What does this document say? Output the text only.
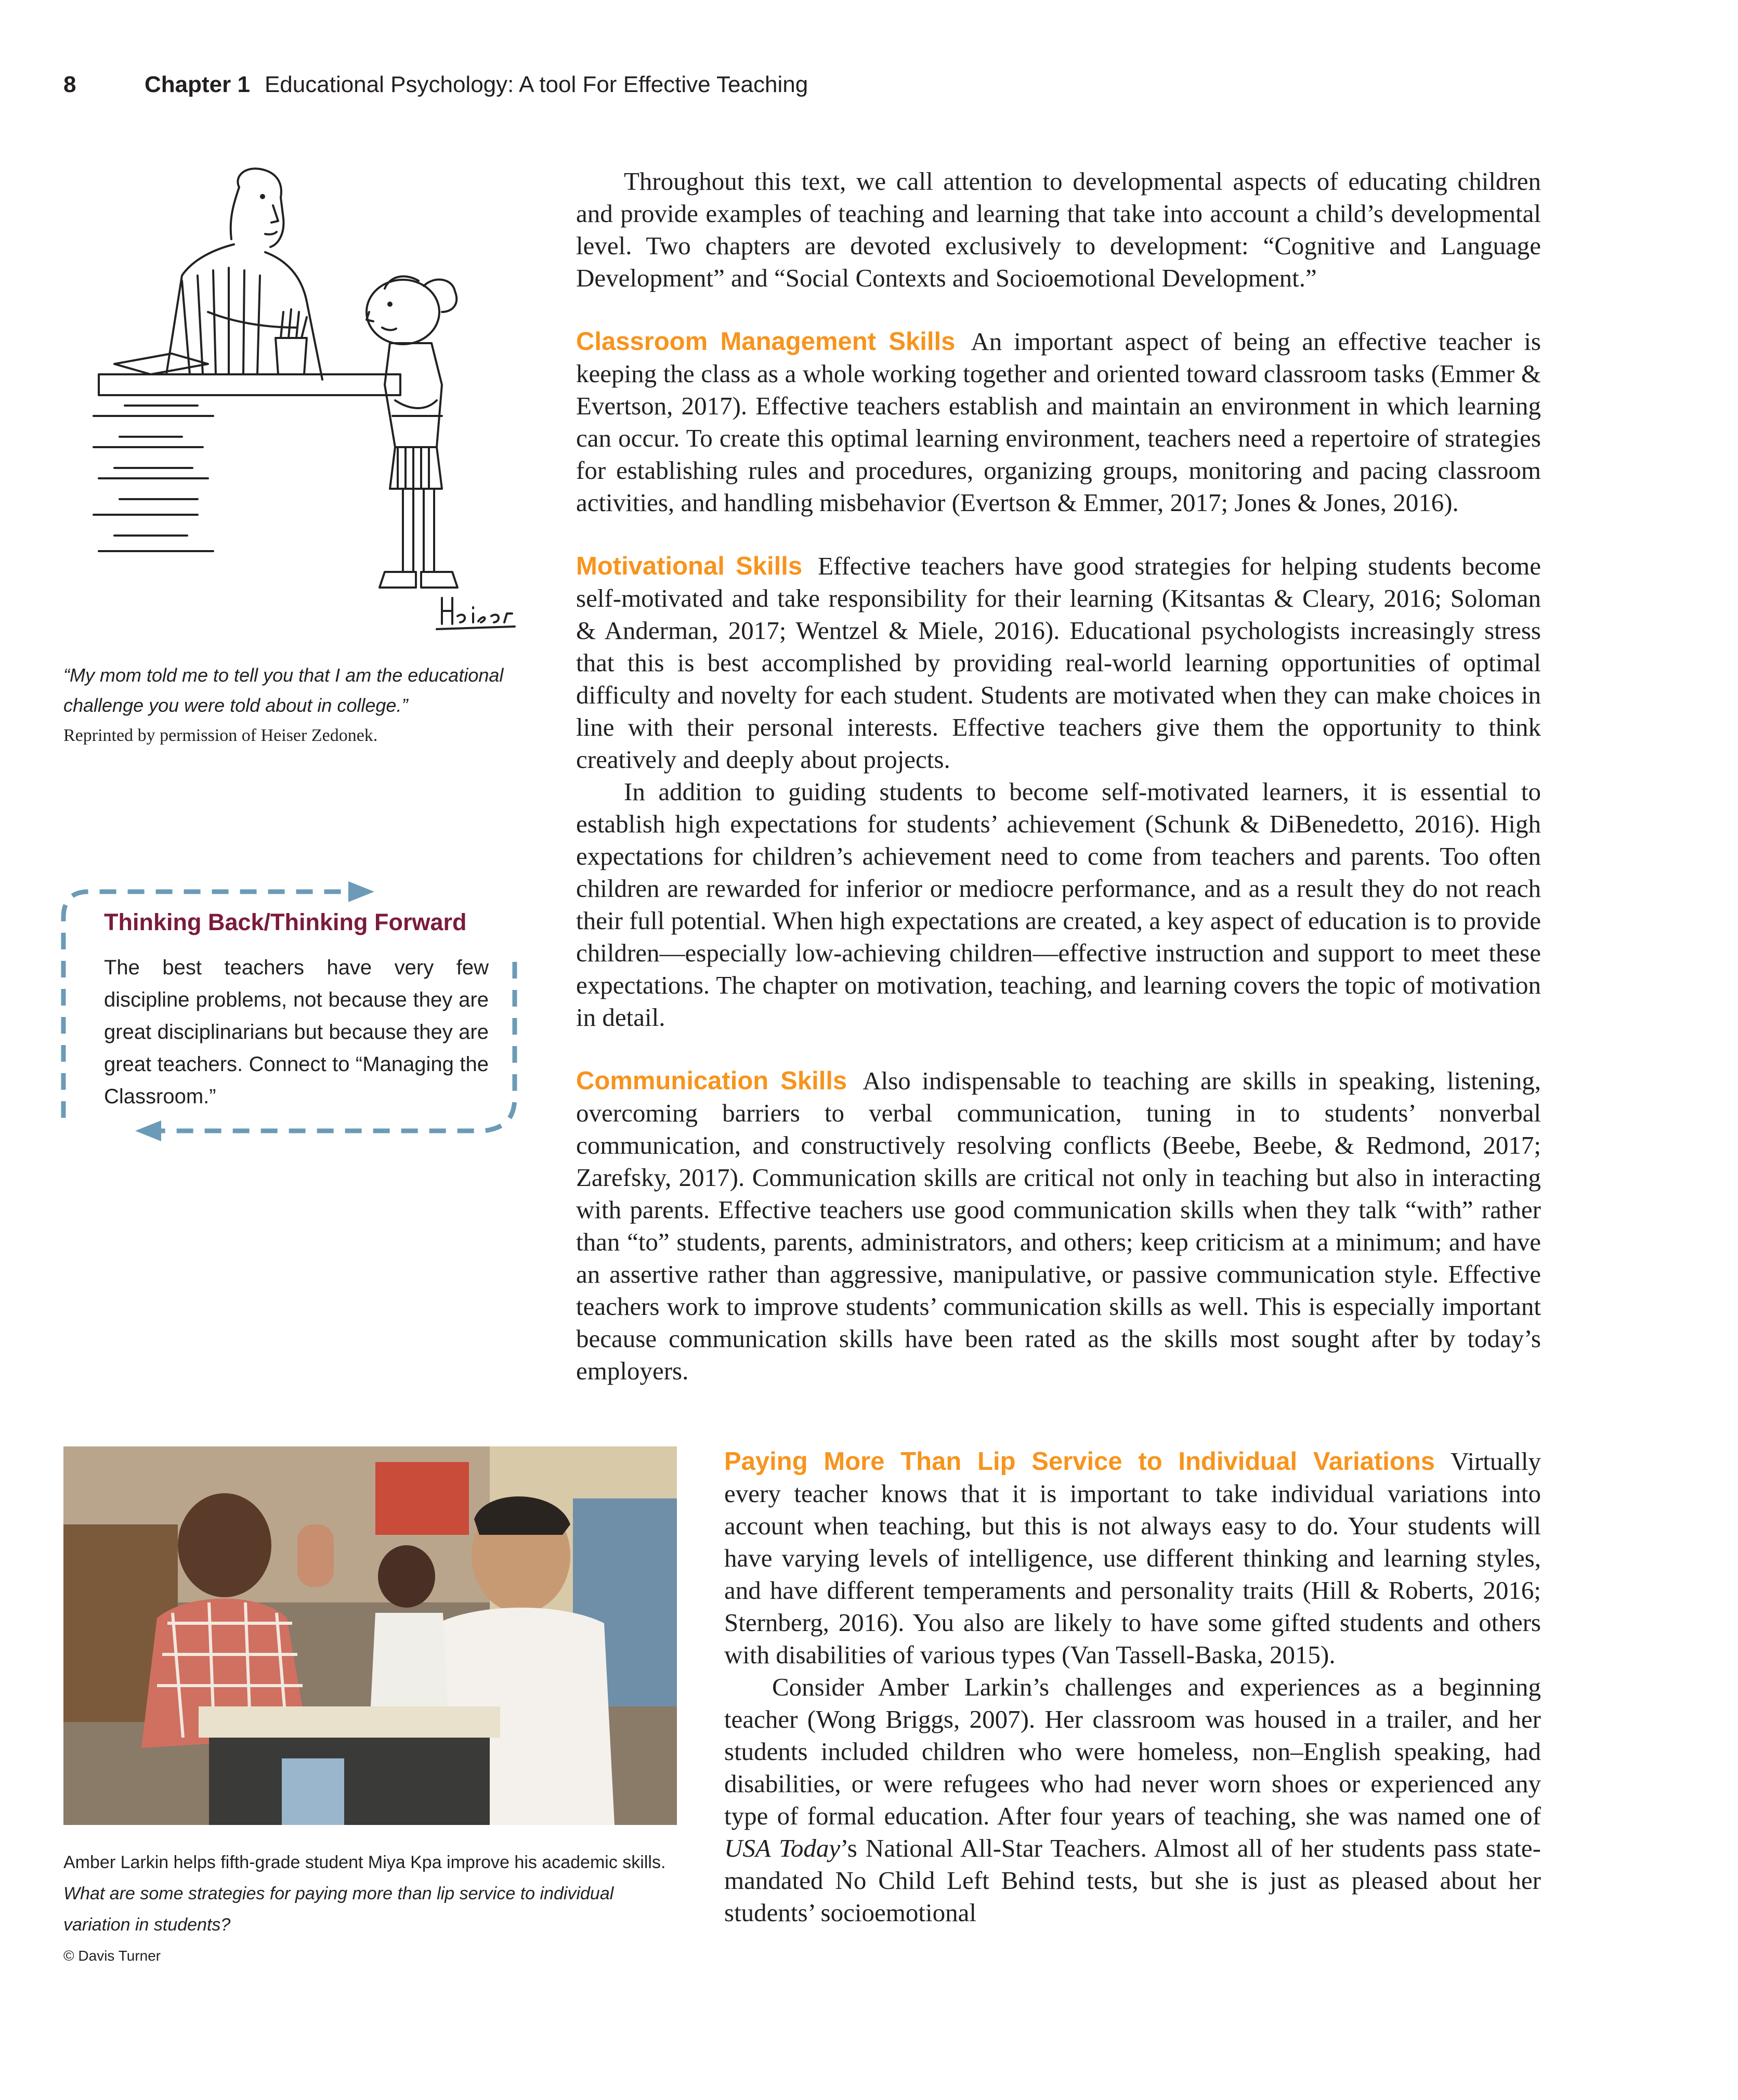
8	Chapter 1 Educational Psychology: A tool For Effective Teaching
“My mom told me to tell you that I am the educational challenge you were told about in college.”
Reprinted by permission of Heiser Zedonek.
Thinking Back/Thinking Forward
The best teachers have very few discipline problems, not because they are great disciplinarians but because they are great teachers. Connect to “Managing the Classroom.”

Throughout this text, we call attention to developmental aspects of educating children and provide examples of teaching and learning that take into account a child’s developmental level. Two chapters are devoted exclusively to development: “Cognitive and Language Development” and “Social Contexts and Socioemotional Development.”

Classroom Management Skills An important aspect of being an effective teacher is keeping the class as a whole working together and oriented toward classroom tasks (Emmer & Evertson, 2017). Effective teachers establish and maintain an environment in which learning can occur. To create this optimal learning environment, teachers need a repertoire of strategies for establishing rules and procedures, organizing groups, monitoring and pacing classroom activities, and handling misbehavior (Evertson & Emmer, 2017; Jones & Jones, 2016).

Motivational Skills Effective teachers have good strategies for helping students become self-motivated and take responsibility for their learning (Kitsantas & Cleary, 2016; Soloman & Anderman, 2017; Wentzel & Miele, 2016). Educational psychologists increasingly stress that this is best accomplished by providing real-world learning opportunities of optimal difficulty and novelty for each student. Students are motivated when they can make choices in line with their personal interests. Effective teachers give them the opportunity to think creatively and deeply about projects.

In addition to guiding students to become self-motivated learners, it is essential to establish high expectations for students’ achievement (Schunk & DiBenedetto, 2016). High expectations for children’s achievement need to come from teachers and parents. Too often children are rewarded for inferior or mediocre performance, and as a result they do not reach their full potential. When high expectations are created, a key aspect of education is to provide children—especially low-achieving children—effective instruction and support to meet these expectations. The chapter on motivation, teaching, and learning covers the topic of motivation in detail.

Communication Skills Also indispensable to teaching are skills in speaking, listening, overcoming barriers to verbal communication, tuning in to students’ nonverbal communication, and constructively resolving conflicts (Beebe, Beebe, & Redmond, 2017; Zarefsky, 2017). Communication skills are critical not only in teaching but also in interacting with parents. Effective teachers use good communication skills when they talk “with” rather than “to” students, parents, administrators, and others; keep criticism at a minimum; and have an assertive rather than aggressive, manipulative, or passive communication style. Effective teachers work to improve students’ communication skills as well. This is especially important because communication skills have been rated as the skills most sought after by today’s employers.

Amber Larkin helps fifth-grade student Miya Kpa improve his academic skills. What are some strategies for paying more than lip service to individual variation in students?
© Davis Turner

Paying More Than Lip Service to Individual Variations Virtually every teacher knows that it is important to take individual variations into account when teaching, but this is not always easy to do. Your students will have varying levels of intelligence, use different thinking and learning styles, and have different temperaments and personality traits (Hill & Roberts, 2016; Sternberg, 2016). You also are likely to have some gifted students and others with disabilities of various types (Van Tassell-Baska, 2015).

Consider Amber Larkin’s challenges and experiences as a beginning teacher (Wong Briggs, 2007). Her classroom was housed in a trailer, and her students included children who were homeless, non–English speaking, had disabilities, or were refugees who had never worn shoes or experienced any type of formal education. After four years of teaching, she was named one of USA Today’s National All-Star Teachers. Almost all of her students pass state-mandated No Child Left Behind tests, but she is just as pleased about her students’ socioemotional
